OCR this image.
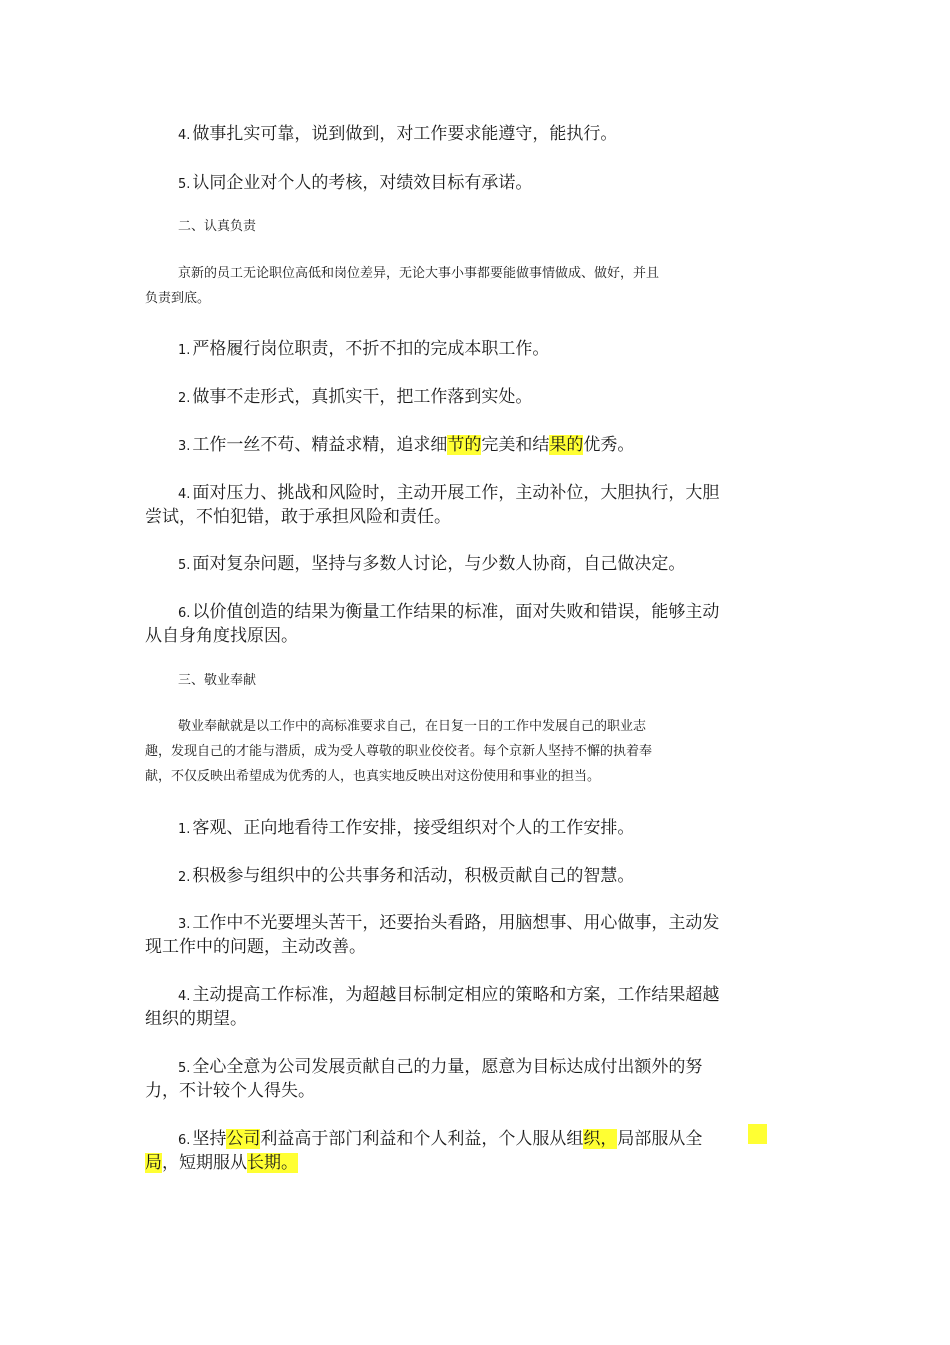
4. 做事扎实可靠，说到做到，对工作要求能遵守，能执行。
5. 认同企业对个人的考核，对绩效目标有承诺。
二、认真负责
京新的员工无论职位高低和岗位差异，无论大事小事都要能做事情做成、做好，并且
负责到底。
1. 严格履行岗位职责，不折不扣的完成本职工作。
2. 做事不走形式，真抓实干，把工作落到实处。
3. 工作一丝不苟、精益求精，追求细节的完美和结果的优秀。
4. 面对压力、挑战和风险时，主动开展工作，主动补位，大胆执行，大胆
尝试，不怕犯错，敢于承担风险和责任。
5. 面对复杂问题，坚持与多数人讨论，与少数人协商，自己做决定。
6. 以价值创造的结果为衡量工作结果的标准，面对失败和错误，能够主动
从自身角度找原因。
三、敬业奉献
敬业奉献就是以工作中的高标准要求自己，在日复一日的工作中发展自己的职业志
趣，发现自己的才能与潜质，成为受人尊敬的职业佼佼者。每个京新人坚持不懈的执着奉
献，不仅反映出希望成为优秀的人，也真实地反映出对这份使用和事业的担当。
1. 客观、正向地看待工作安排，接受组织对个人的工作安排。
2. 积极参与组织中的公共事务和活动，积极贡献自己的智慧。
3. 工作中不光要埋头苦干，还要抬头看路，用脑想事、用心做事，主动发
现工作中的问题，主动改善。
4. 主动提高工作标准，为超越目标制定相应的策略和方案，工作结果超越
组织的期望。
5. 全心全意为公司发展贡献自己的力量，愿意为目标达成付出额外的努
力，不计较个人得失。
6. 坚持公司利益高于部门利益和个人利益，个人服从组织，局部服从全
局，短期服从长期。
